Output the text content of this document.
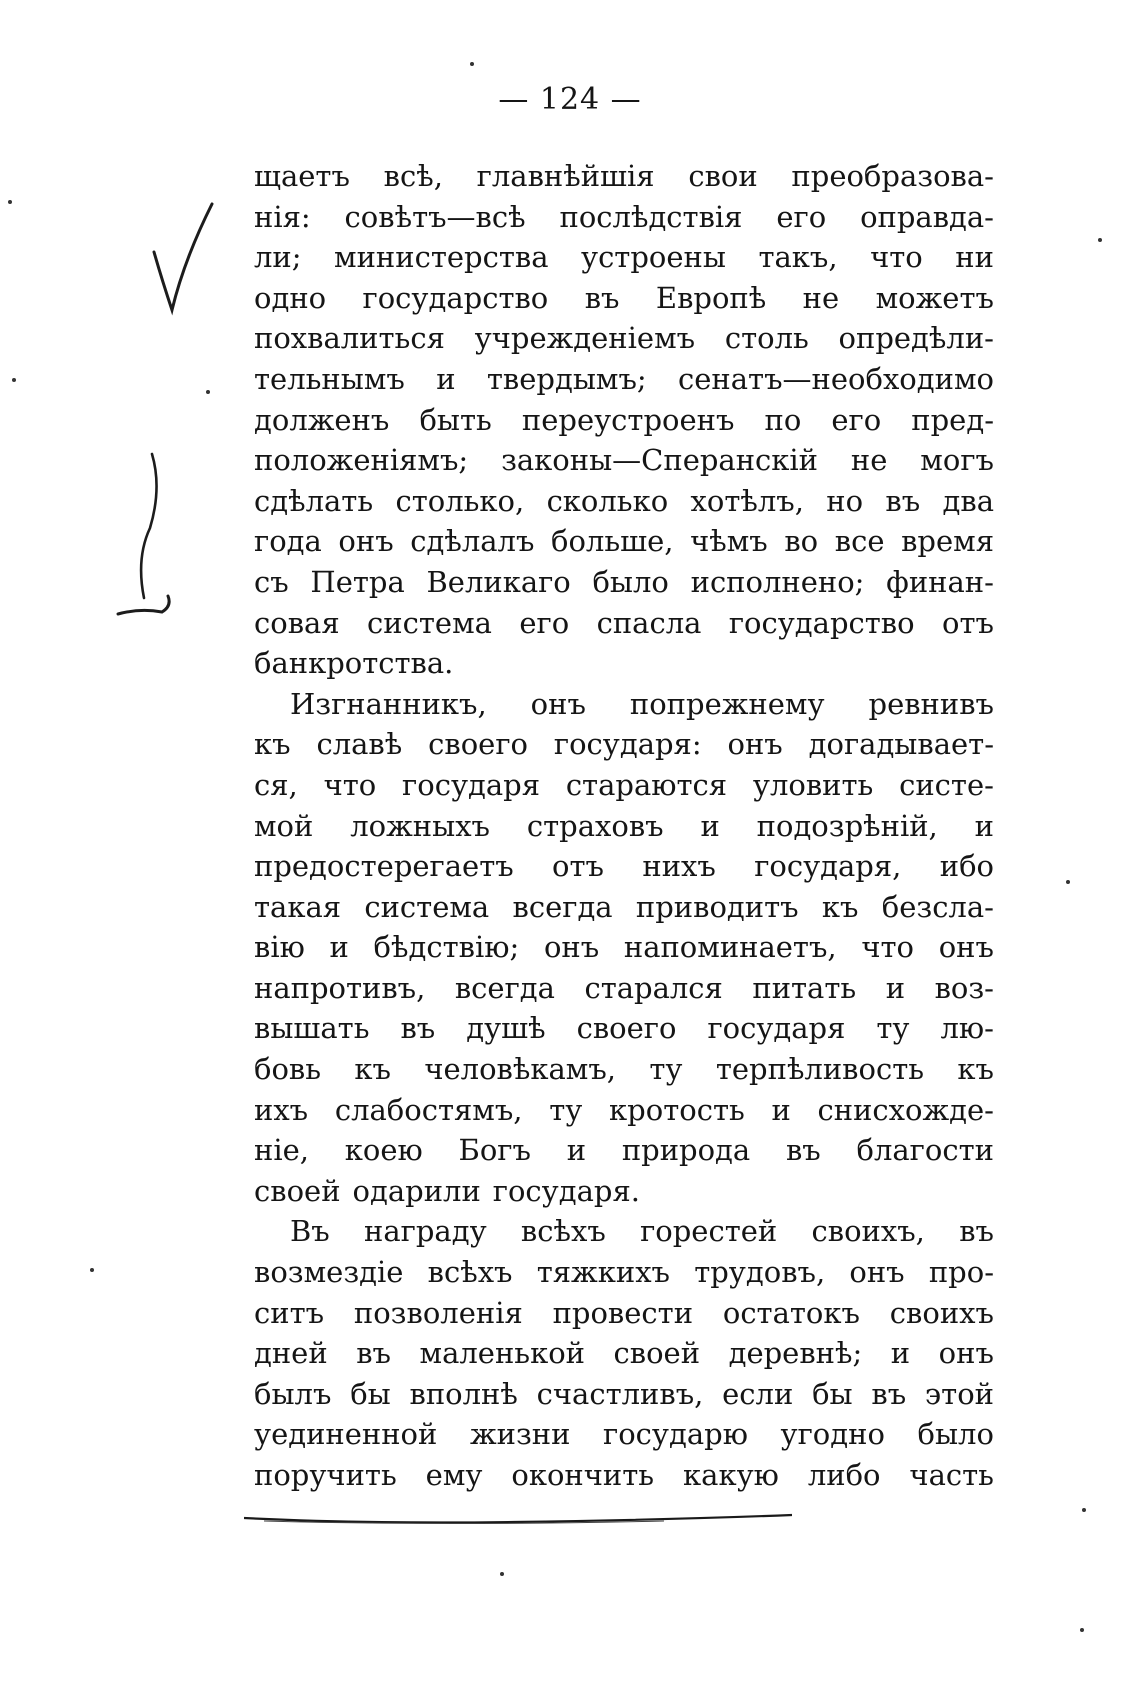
— 124 —
щаетъ всѣ, главнѣйшія свои преобразова-
нія: совѣтъ—всѣ послѣдствія его оправда-
ли; министерства устроены такъ, что ни
одно государство въ Европѣ не можетъ
похвалиться учрежденіемъ столь опредѣли-
тельнымъ и твердымъ; сенатъ—необходимо
долженъ быть переустроенъ по его пред-
положеніямъ; законы—Сперанскій не могъ
сдѣлать столько, сколько хотѣлъ, но въ два
года онъ сдѣлалъ больше, чѣмъ во все время
съ Петра Великаго было исполнено; финан-
совая система его спасла государство отъ
банкротства.
Изгнанникъ, онъ попрежнему ревнивъ
къ славѣ своего государя: онъ догадывает-
ся, что государя стараются уловить систе-
мой ложныхъ страховъ и подозрѣній, и
предостерегаетъ отъ нихъ государя, ибо
такая система всегда приводитъ къ безсла-
вію и бѣдствію; онъ напоминаетъ, что онъ
напротивъ, всегда старался питать и воз-
вышать въ душѣ своего государя ту лю-
бовь къ человѣкамъ, ту терпѣливость къ
ихъ слабостямъ, ту кротость и снисхожде-
ніе, коею Богъ и природа въ благости
своей одарили государя.
Въ награду всѣхъ горестей своихъ, въ
возмездіе всѣхъ тяжкихъ трудовъ, онъ про-
ситъ позволенія провести остатокъ своихъ
дней въ маленькой своей деревнѣ; и онъ
былъ бы вполнѣ счастливъ, если бы въ этой
уединенной жизни государю угодно было
поручить ему окончить какую либо часть
